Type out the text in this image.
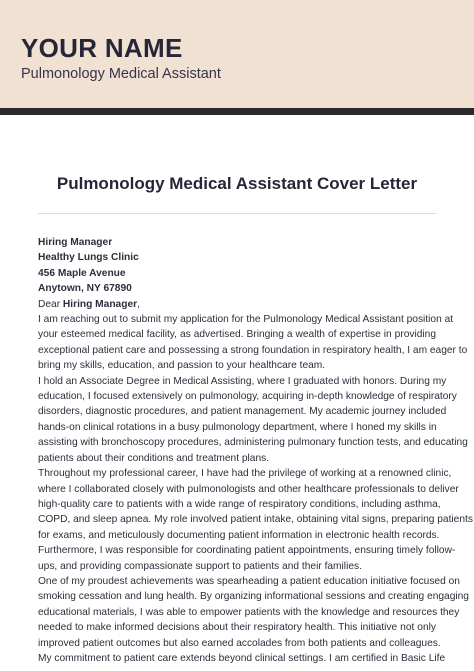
YOUR NAME
Pulmonology Medical Assistant
Pulmonology Medical Assistant Cover Letter
Hiring Manager
Healthy Lungs Clinic
456 Maple Avenue
Anytown, NY 67890
Dear Hiring Manager,
I am reaching out to submit my application for the Pulmonology Medical Assistant position at
your esteemed medical facility, as advertised. Bringing a wealth of expertise in providing
exceptional patient care and possessing a strong foundation in respiratory health, I am eager to
bring my skills, education, and passion to your healthcare team.
I hold an Associate Degree in Medical Assisting, where I graduated with honors. During my
education, I focused extensively on pulmonology, acquiring in-depth knowledge of respiratory
disorders, diagnostic procedures, and patient management. My academic journey included
hands-on clinical rotations in a busy pulmonology department, where I honed my skills in
assisting with bronchoscopy procedures, administering pulmonary function tests, and educating
patients about their conditions and treatment plans.
Throughout my professional career, I have had the privilege of working at a renowned clinic,
where I collaborated closely with pulmonologists and other healthcare professionals to deliver
high-quality care to patients with a wide range of respiratory conditions, including asthma,
COPD, and sleep apnea. My role involved patient intake, obtaining vital signs, preparing patients
for exams, and meticulously documenting patient information in electronic health records.
Furthermore, I was responsible for coordinating patient appointments, ensuring timely follow-
ups, and providing compassionate support to patients and their families.
One of my proudest achievements was spearheading a patient education initiative focused on
smoking cessation and lung health. By organizing informational sessions and creating engaging
educational materials, I was able to empower patients with the knowledge and resources they
needed to make informed decisions about their respiratory health. This initiative not only
improved patient outcomes but also earned accolades from both patients and colleagues.
My commitment to patient care extends beyond clinical settings. I am certified in Basic Life
